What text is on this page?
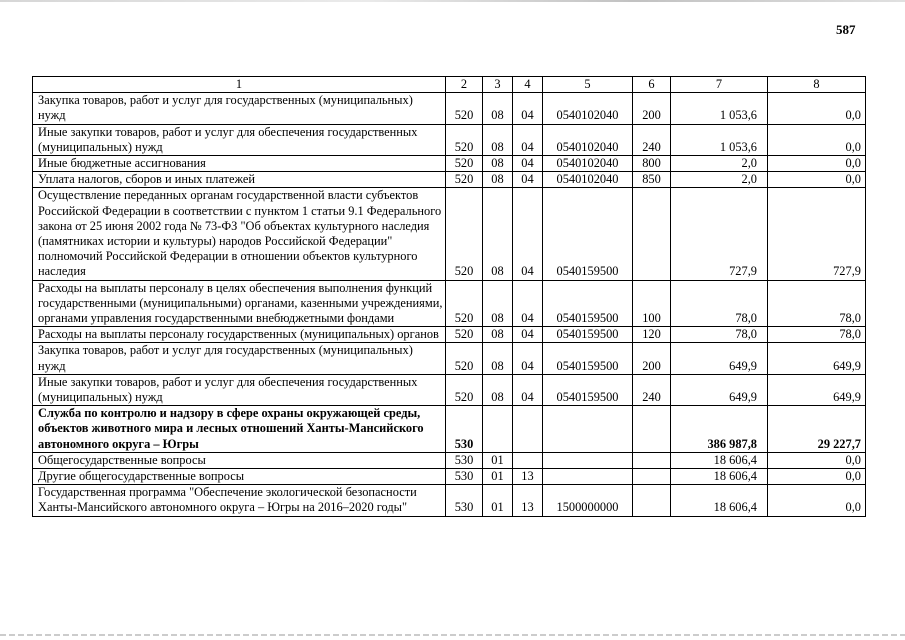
587
1	2	3	4	5	6	7	8
Закупка товаров, работ и услуг для государственных (муниципальных) нужд	520	08	04	0540102040	200	1 053,6	0,0
Иные закупки товаров, работ и услуг для обеспечения государственных (муниципальных) нужд	520	08	04	0540102040	240	1 053,6	0,0
Иные бюджетные ассигнования	520	08	04	0540102040	800	2,0	0,0
Уплата налогов, сборов и иных платежей	520	08	04	0540102040	850	2,0	0,0
Осуществление переданных органам государственной власти субъектов Российской Федерации в соответствии с пунктом 1 статьи 9.1 Федерального закона от 25 июня 2002 года № 73-ФЗ "Об объектах культурного наследия (памятниках истории и культуры) народов Российской Федерации" полномочий Российской Федерации в отношении объектов культурного наследия	520	08	04	0540159500		727,9	727,9
Расходы на выплаты персоналу в целях обеспечения выполнения функций государственными (муниципальными) органами, казенными учреждениями, органами управления государственными внебюджетными фондами	520	08	04	0540159500	100	78,0	78,0
Расходы на выплаты персоналу государственных (муниципальных) органов	520	08	04	0540159500	120	78,0	78,0
Закупка товаров, работ и услуг для государственных (муниципальных) нужд	520	08	04	0540159500	200	649,9	649,9
Иные закупки товаров, работ и услуг для обеспечения государственных (муниципальных) нужд	520	08	04	0540159500	240	649,9	649,9
Служба по контролю и надзору в сфере охраны окружающей среды, объектов животного мира и лесных отношений Ханты-Мансийского автономного округа – Югры	530					386 987,8	29 227,7
Общегосударственные вопросы	530	01				18 606,4	0,0
Другие общегосударственные вопросы	530	01	13			18 606,4	0,0
Государственная программа "Обеспечение экологической безопасности Ханты-Мансийского автономного округа – Югры на 2016–2020 годы"	530	01	13	1500000000		18 606,4	0,0
